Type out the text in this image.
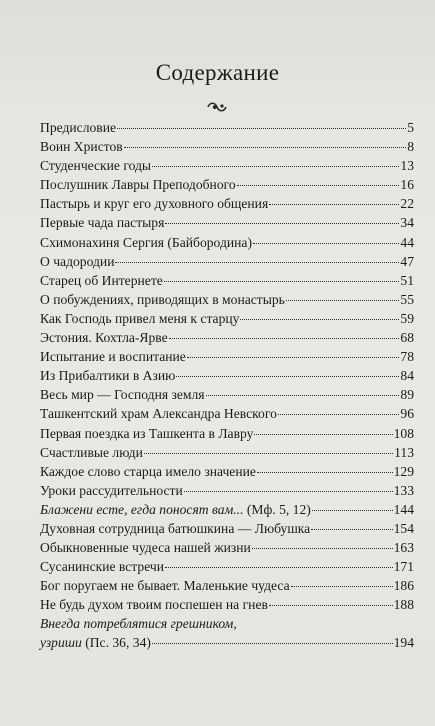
Содержание
Предисловие	5
Воин Христов	8
Студенческие годы	13
Послушник Лавры Преподобного	16
Пастырь и круг его духовного общения	22
Первые чада пастыря	34
Схимонахиня Сергия (Байбородина)	44
О чадородии	47
Старец об Интернете	51
О побуждениях, приводящих в монастырь	55
Как Господь привел меня к старцу	59
Эстония. Кохтла-Ярве	68
Испытание и воспитание	78
Из Прибалтики в Азию	84
Весь мир — Господня земля	89
Ташкентский храм Александра Невского	96
Первая поездка из Ташкента в Лавру	108
Счастливые люди	113
Каждое слово старца имело значение	129
Уроки рассудительности	133
Блажени есте, егда поносят вам... (Мф. 5, 12)	144
Духовная сотрудница батюшкина — Любушка	154
Обыкновенные чудеса нашей жизни	163
Сусанинские встречи	171
Бог поругаем не бывает. Маленькие чудеса	186
Не будь духом твоим поспешен на гнев	188
Внегда потреблятися грешником,
узриши (Пс. 36, 34)	194
